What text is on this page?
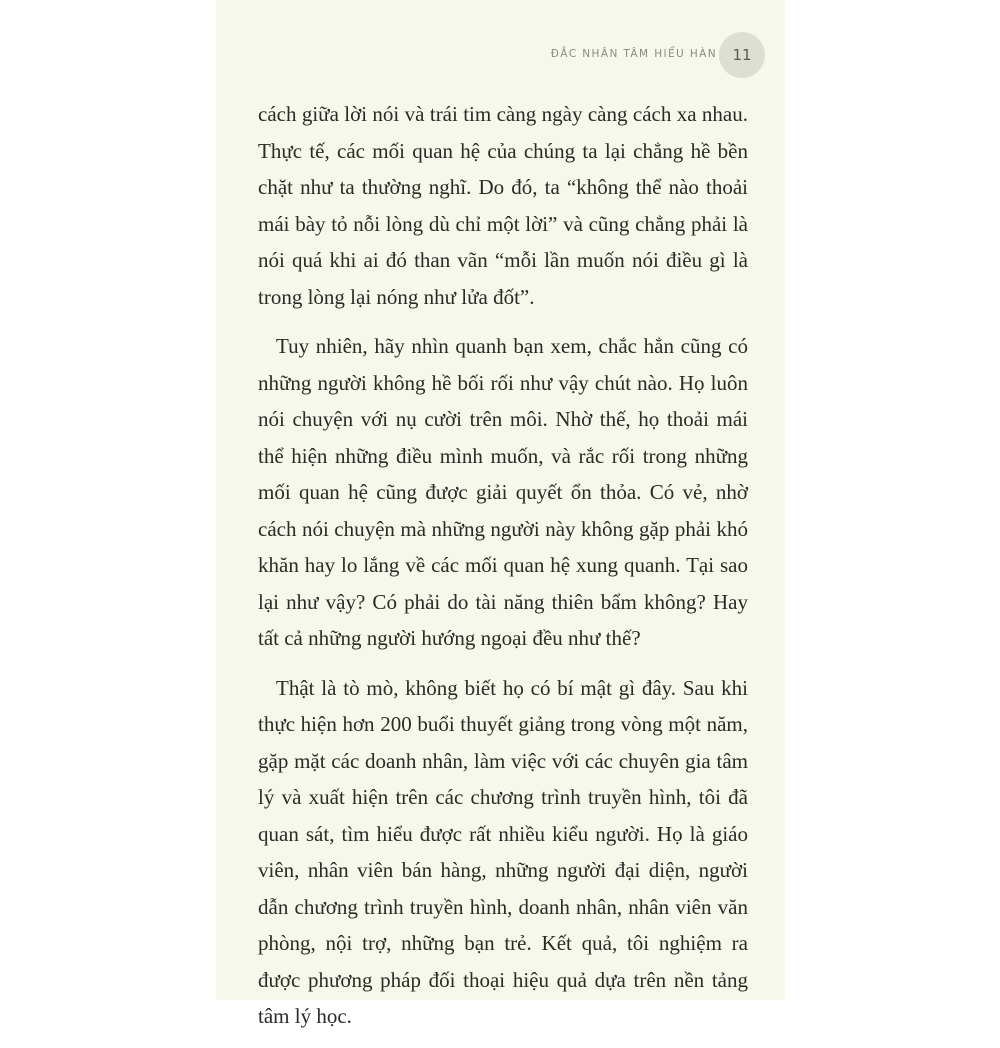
ĐẮC NHÂN TÂM HIỂU HÀN 11

cách giữa lời nói và trái tim càng ngày càng cách xa nhau. Thực tế, các mối quan hệ của chúng ta lại chẳng hề bền chặt như ta thường nghĩ. Do đó, ta “không thể nào thoải mái bày tỏ nỗi lòng dù chỉ một lời” và cũng chẳng phải là nói quá khi ai đó than vãn “mỗi lần muốn nói điều gì là trong lòng lại nóng như lửa đốt”.

Tuy nhiên, hãy nhìn quanh bạn xem, chắc hẳn cũng có những người không hề bối rối như vậy chút nào. Họ luôn nói chuyện với nụ cười trên môi. Nhờ thế, họ thoải mái thể hiện những điều mình muốn, và rắc rối trong những mối quan hệ cũng được giải quyết ổn thỏa. Có vẻ, nhờ cách nói chuyện mà những người này không gặp phải khó khăn hay lo lắng về các mối quan hệ xung quanh. Tại sao lại như vậy? Có phải do tài năng thiên bẩm không? Hay tất cả những người hướng ngoại đều như thế?

Thật là tò mò, không biết họ có bí mật gì đây. Sau khi thực hiện hơn 200 buổi thuyết giảng trong vòng một năm, gặp mặt các doanh nhân, làm việc với các chuyên gia tâm lý và xuất hiện trên các chương trình truyền hình, tôi đã quan sát, tìm hiểu được rất nhiều kiểu người. Họ là giáo viên, nhân viên bán hàng, những người đại diện, người dẫn chương trình truyền hình, doanh nhân, nhân viên văn phòng, nội trợ, những bạn trẻ. Kết quả, tôi nghiệm ra được phương pháp đối thoại hiệu quả dựa trên nền tảng tâm lý học.
